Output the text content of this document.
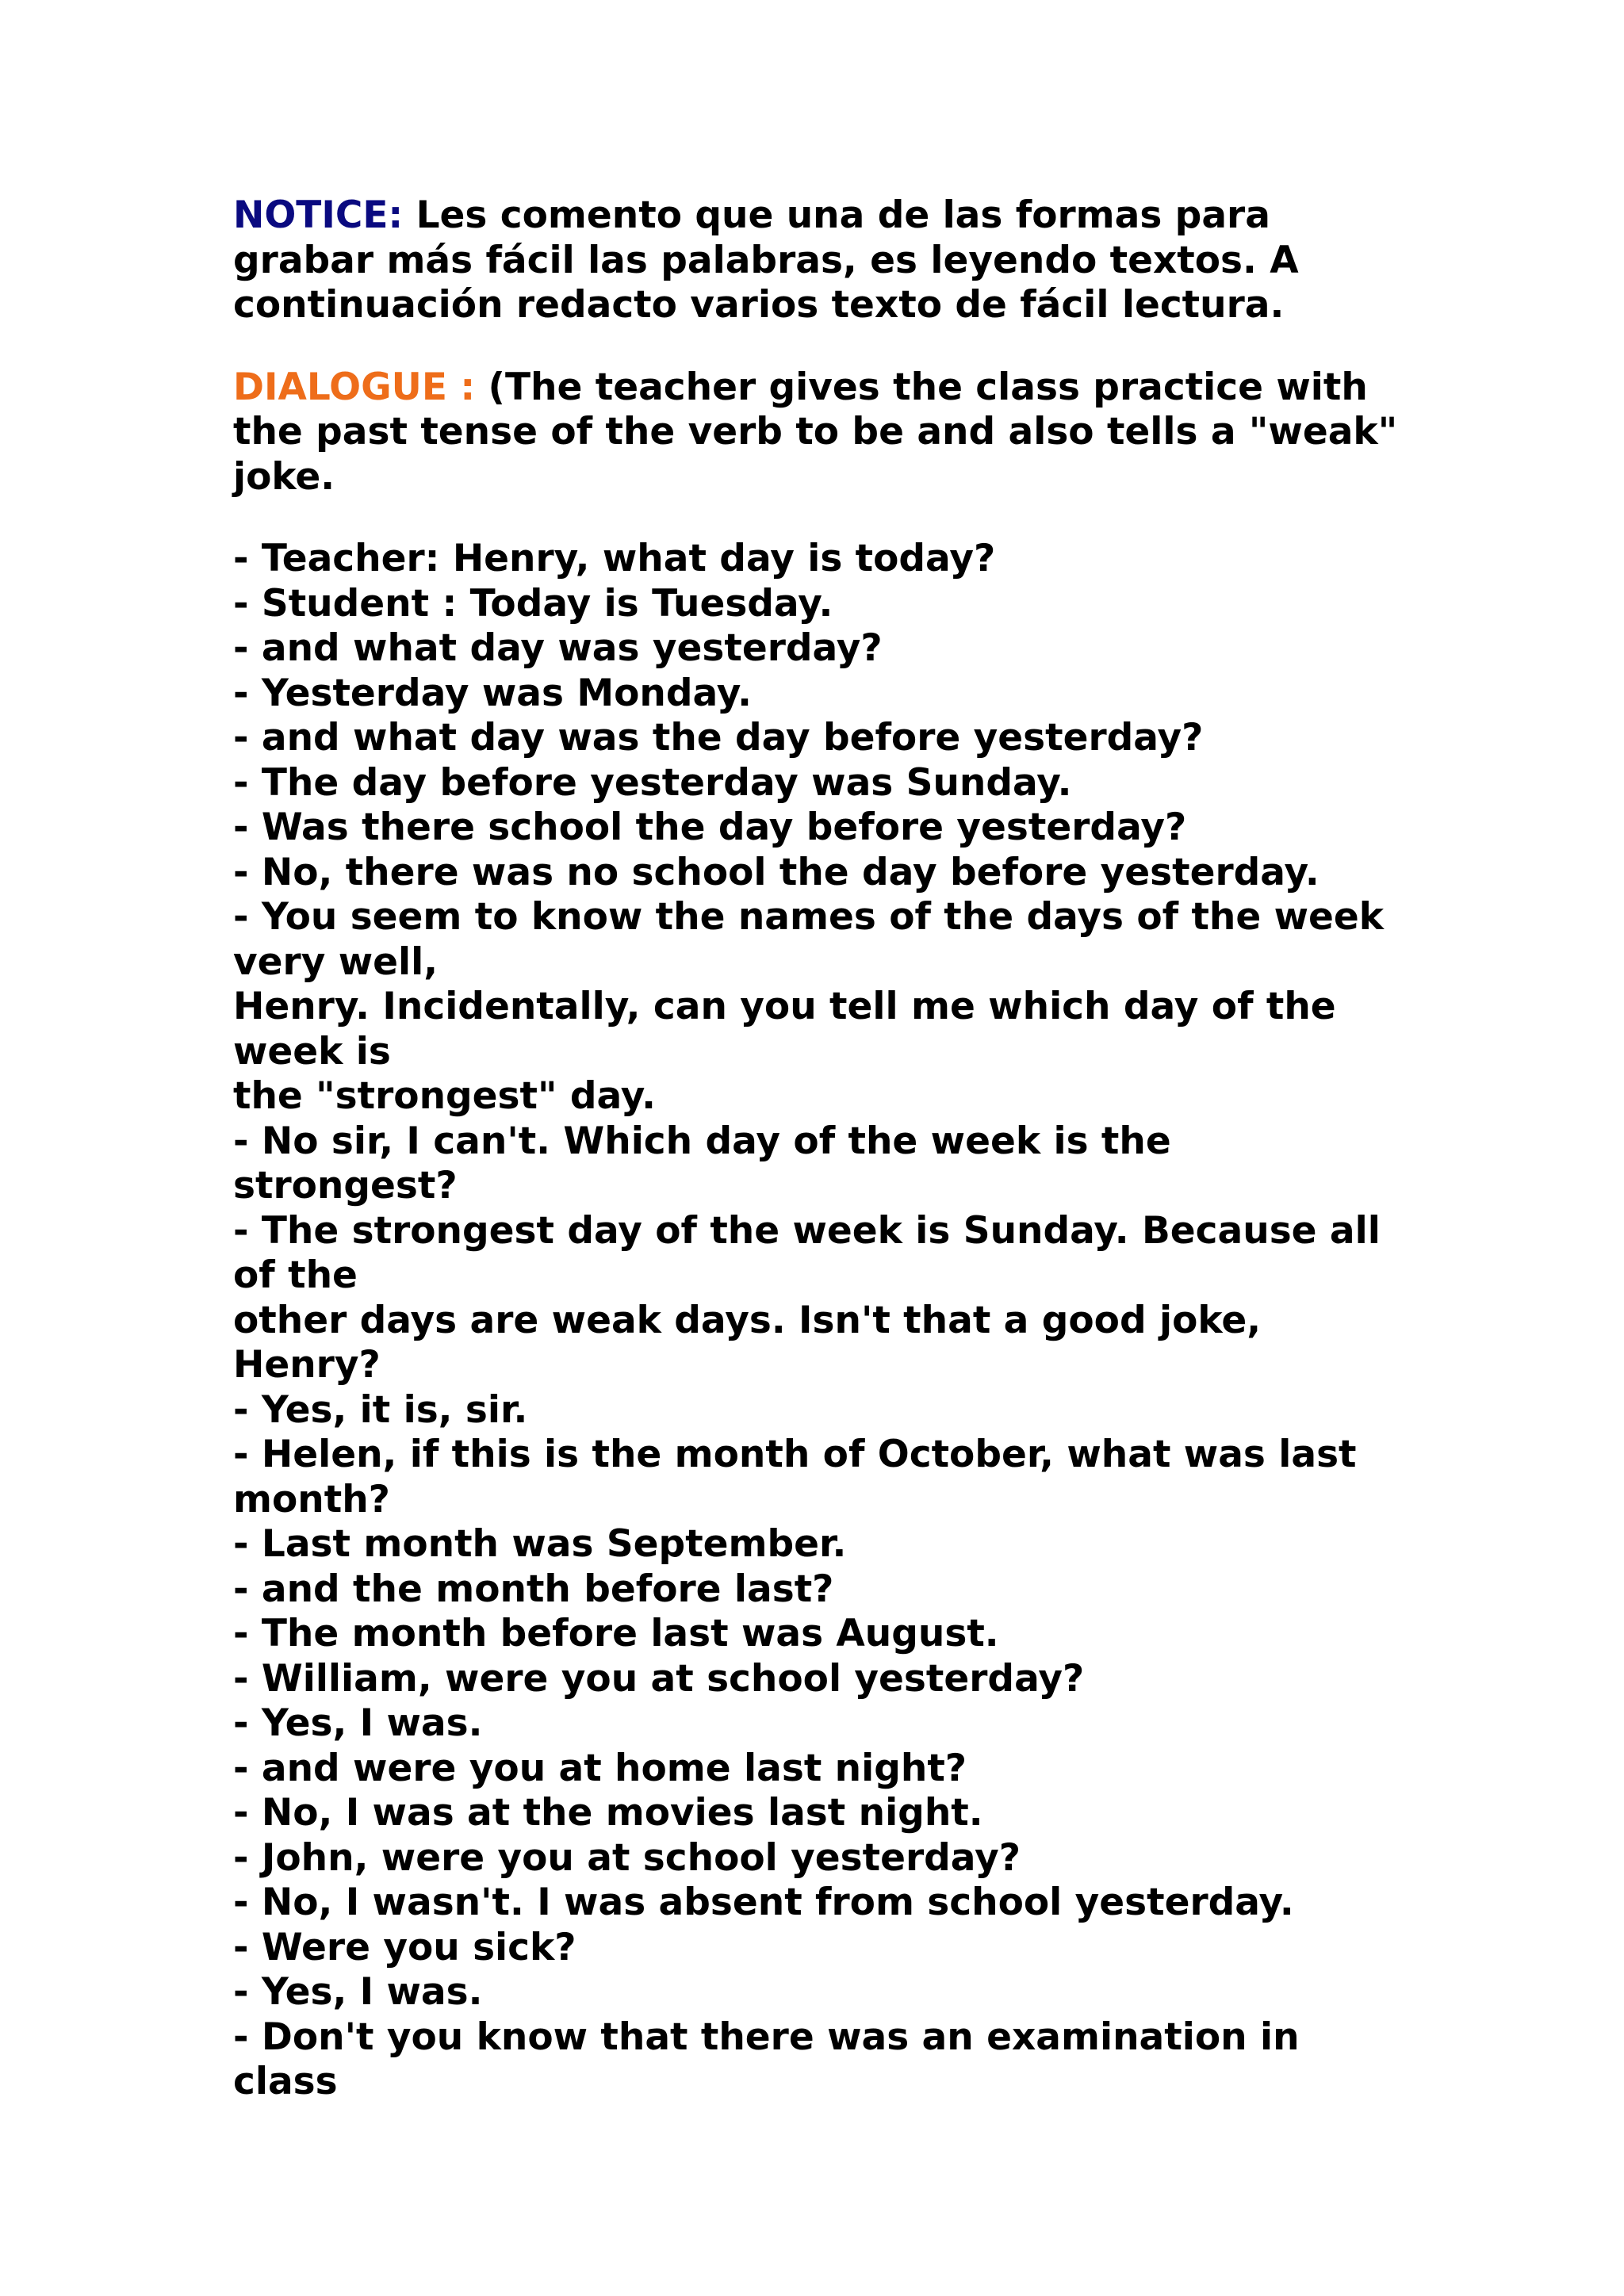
NOTICE: Les comento que una de las formas para grabar más fácil las palabras, es leyendo textos. A continuación redacto varios texto de fácil lectura.

DIALOGUE : (The teacher gives the class practice with the past tense of the verb to be and also tells a "weak" joke.

- Teacher: Henry, what day is today?
- Student : Today is Tuesday.
- and what day was yesterday?
- Yesterday was Monday.
- and what day was the day before yesterday?
- The day before yesterday was Sunday.
- Was there school the day before yesterday?
- No, there was no school the day before yesterday.
- You seem to know the names of the days of the week very well,
Henry. Incidentally, can you tell me which day of the week is
the "strongest" day.
- No sir, I can't. Which day of the week is the strongest?
- The strongest day of the week is Sunday. Because all of the
other days are weak days. Isn't that a good joke, Henry?
- Yes, it is, sir.
- Helen, if this is the month of October, what was last month?
- Last month was September.
- and the month before last?
- The month before last was August.
- William, were you at school yesterday?
- Yes, I was.
- and were you at home last night?
- No, I was at the movies last night.
- John, were you at school yesterday?
- No, I wasn't. I was absent from school yesterday.
- Were you sick?
- Yes, I was.
- Don't you know that there was an examination in class
